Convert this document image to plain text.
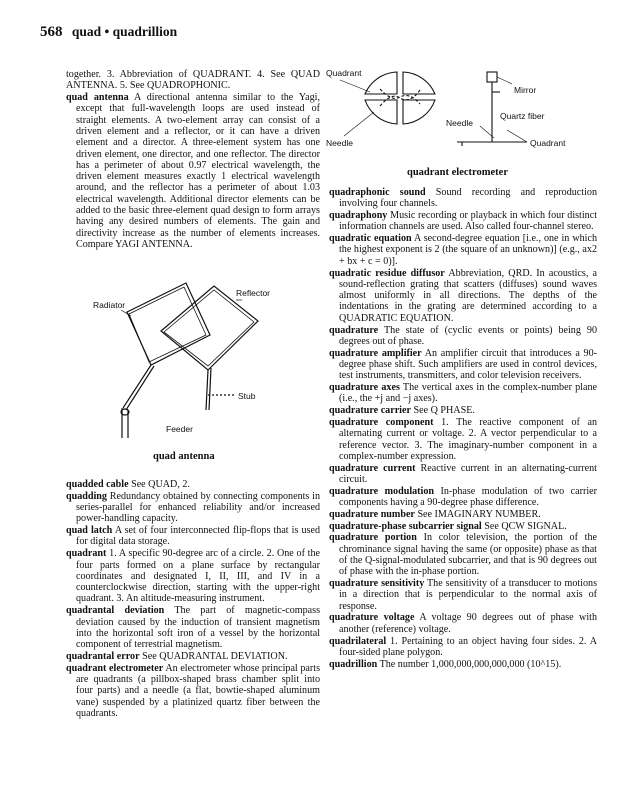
568 quad • quadrillion

together. 3. Abbreviation of QUADRANT. 4. See QUAD ANTENNA. 5. See QUADROPHONIC.

quad antenna A directional antenna similar to the Yagi, except that full-wavelength loops are used instead of straight elements. A two-element array can consist of a driven element and a reflector, or it can have a driven element and a director. A three-element system has one driven element, one director, and one reflector. The director has a perimeter of about 0.97 electrical wavelength, the driven element measures exactly 1 electrical wavelength around, and the reflector has a perimeter of about 1.03 electrical wavelength. Additional director elements can be added to the basic three-element quad design to form arrays having any desired numbers of elements. The gain and directivity increase as the number of elements increases. Compare YAGI ANTENNA.

Radiator
Reflector
Stub
Feeder
quad antenna

quadded cable See QUAD, 2.

quadding Redundancy obtained by connecting components in series-parallel for enhanced reliability and/or increased power-handling capacity.

quad latch A set of four interconnected flip-flops that is used for digital data storage.

quadrant 1. A specific 90-degree arc of a circle. 2. One of the four parts formed on a plane surface by rectangular coordinates and designated I, II, III, and IV in a counterclockwise direction, starting with the upper-right quadrant. 3. An altitude-measuring instrument.

quadrantal deviation The part of magnetic-compass deviation caused by the induction of transient magnetism into the horizontal soft iron of a vessel by the horizontal component of terrestrial magnetism.

quadrantal error See QUADRANTAL DEVIATION.

quadrant electrometer An electrometer whose principal parts are quadrants (a pillbox-shaped brass chamber split into four parts) and a needle (a flat, bowtie-shaped aluminum vane) suspended by a platinized quartz fiber between the quadrants.

Quadrant
Needle
Mirror
Quartz fiber
Needle
Quadrant
quadrant electrometer

quadraphonic sound Sound recording and reproduction involving four channels.

quadraphony Music recording or playback in which four distinct information channels are used. Also called four-channel stereo.

quadratic equation A second-degree equation [i.e., one in which the highest exponent is 2 (the square of an unknown)] (e.g., ax2 + bx + c = 0)].

quadratic residue diffusor Abbreviation, QRD. In acoustics, a sound-reflection grating that scatters (diffuses) sound waves almost uniformly in all directions. The depths of the indentations in the grating are determined according to a QUADRATIC EQUATION.

quadrature The state of (cyclic events or points) being 90 degrees out of phase.

quadrature amplifier An amplifier circuit that introduces a 90-degree phase shift. Such amplifiers are used in control devices, test instruments, transmitters, and color television receivers.

quadrature axes The vertical axes in the complex-number plane (i.e., the +j and −j axes).

quadrature carrier See Q PHASE.

quadrature component 1. The reactive component of an alternating current or voltage. 2. A vector perpendicular to a reference vector. 3. The imaginary-number component in a complex-number expression.

quadrature current Reactive current in an alternating-current circuit.

quadrature modulation In-phase modulation of two carrier components having a 90-degree phase difference.

quadrature number See IMAGINARY NUMBER.

quadrature-phase subcarrier signal See QCW SIGNAL.

quadrature portion In color television, the portion of the chrominance signal having the same (or opposite) phase as that of the Q-signal-modulated subcarrier, and that is 90 degrees out of phase with the in-phase portion.

quadrature sensitivity The sensitivity of a transducer to motions in a direction that is perpendicular to the normal axis of response.

quadrature voltage A voltage 90 degrees out of phase with another (reference) voltage.

quadrilateral 1. Pertaining to an object having four sides. 2. A four-sided plane polygon.

quadrillion The number 1,000,000,000,000,000 (10^15).
